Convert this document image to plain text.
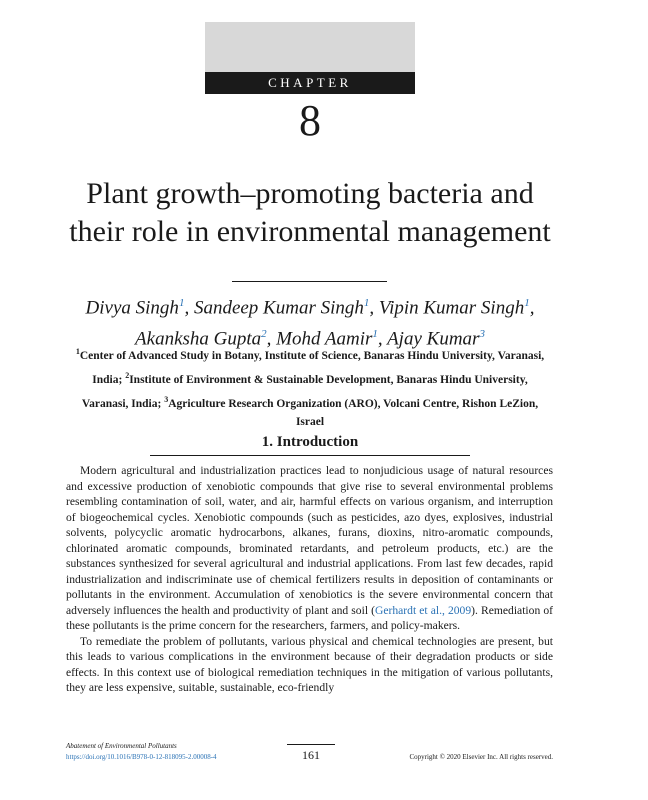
CHAPTER
8
Plant growth–promoting bacteria and their role in environmental management
Divya Singh$^1$, Sandeep Kumar Singh$^1$, Vipin Kumar Singh$^1$,
Akanksha Gupta$^2$, Mohd Aamir$^1$, Ajay Kumar$^3$
$^1$Center of Advanced Study in Botany, Institute of Science, Banaras Hindu University, Varanasi, India; $^2$Institute of Environment & Sustainable Development, Banaras Hindu University, Varanasi, India; $^3$Agriculture Research Organization (ARO), Volcani Centre, Rishon LeZion, Israel
1. Introduction

Modern agricultural and industrialization practices lead to nonjudicious usage of natural resources and excessive production of xenobiotic compounds that give rise to several environmental problems resembling contamination of soil, water, and air, harmful effects on various organism, and interruption of biogeochemical cycles. Xenobiotic compounds (such as pesticides, azo dyes, explosives, industrial solvents, polycyclic aromatic hydrocarbons, alkanes, furans, dioxins, nitro-aromatic compounds, chlorinated aromatic compounds, brominated retardants, and petroleum products, etc.) are the substances synthesized for several agricultural and industrial applications. From last few decades, rapid industrialization and indiscriminate use of chemical fertilizers results in deposition of contaminants or pollutants in the environment. Accumulation of xenobiotics is the severe environmental concern that adversely influences the health and productivity of plant and soil (Gerhardt et al., 2009). Remediation of these pollutants is the prime concern for the researchers, farmers, and policy-makers.

To remediate the problem of pollutants, various physical and chemical technologies are present, but this leads to various complications in the environment because of their degradation products or side effects. In this context use of biological remediation techniques in the mitigation of various pollutants, they are less expensive, suitable, sustainable, eco-friendly

Abatement of Environmental Pollutants
https://doi.org/10.1016/B978-0-12-818095-2.00008-4	161	Copyright © 2020 Elsevier Inc. All rights reserved.
